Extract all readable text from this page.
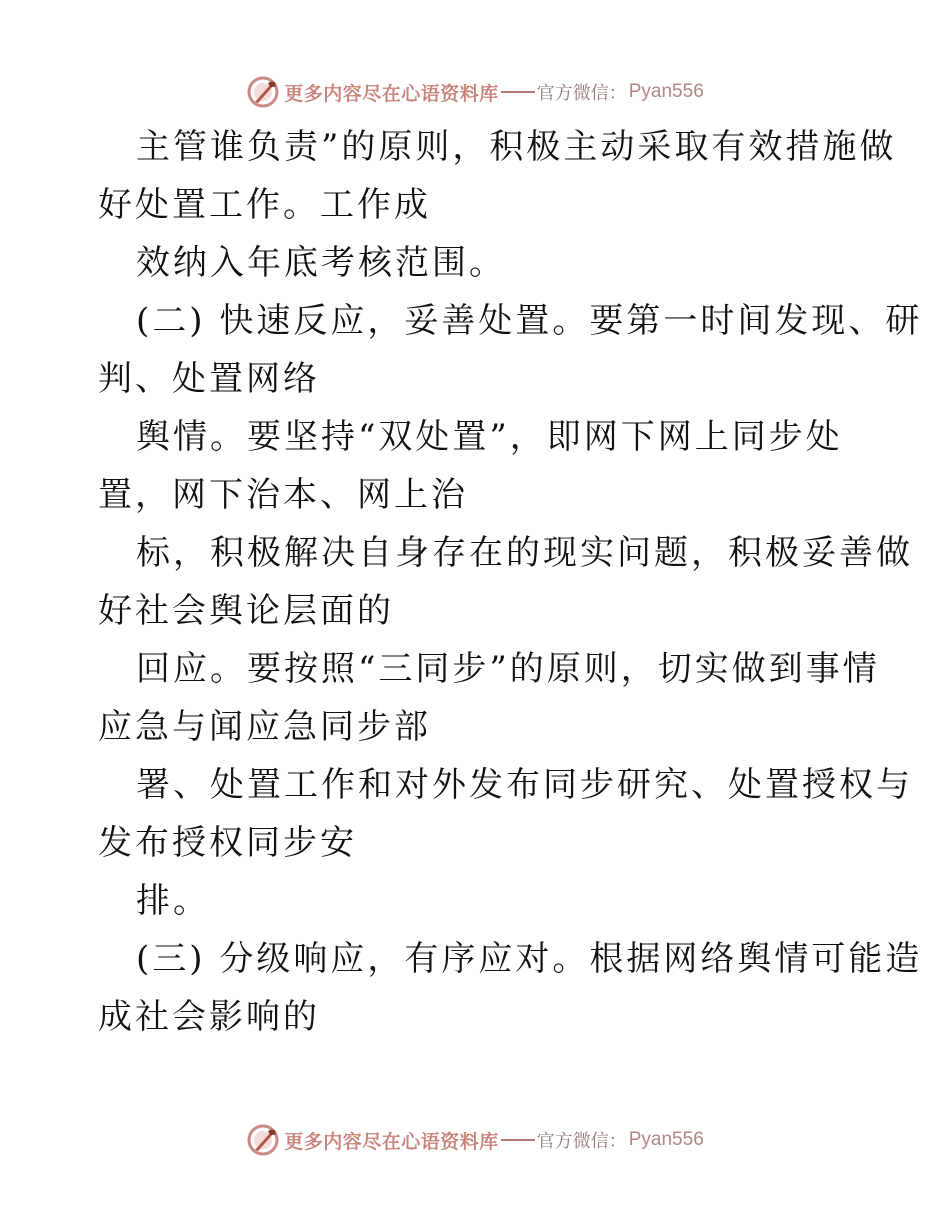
更多内容尽在心语资料库 官方微信： Pyan556
主管谁负责”的原则，积极主动采取有效措施做
好处置工作。工作成
效纳入年底考核范围。
(二) 快速反应，妥善处置。要第一时间发现、研
判、处置网络
舆情。要坚持“双处置”，即网下网上同步处
置，网下治本、网上治
标，积极解决自身存在的现实问题，积极妥善做
好社会舆论层面的
回应。要按照“三同步”的原则，切实做到事情
应急与闻应急同步部
署、处置工作和对外发布同步研究、处置授权与
发布授权同步安
排。
(三) 分级响应，有序应对。根据网络舆情可能造
成社会影响的
更多内容尽在心语资料库 官方微信： Pyan556
